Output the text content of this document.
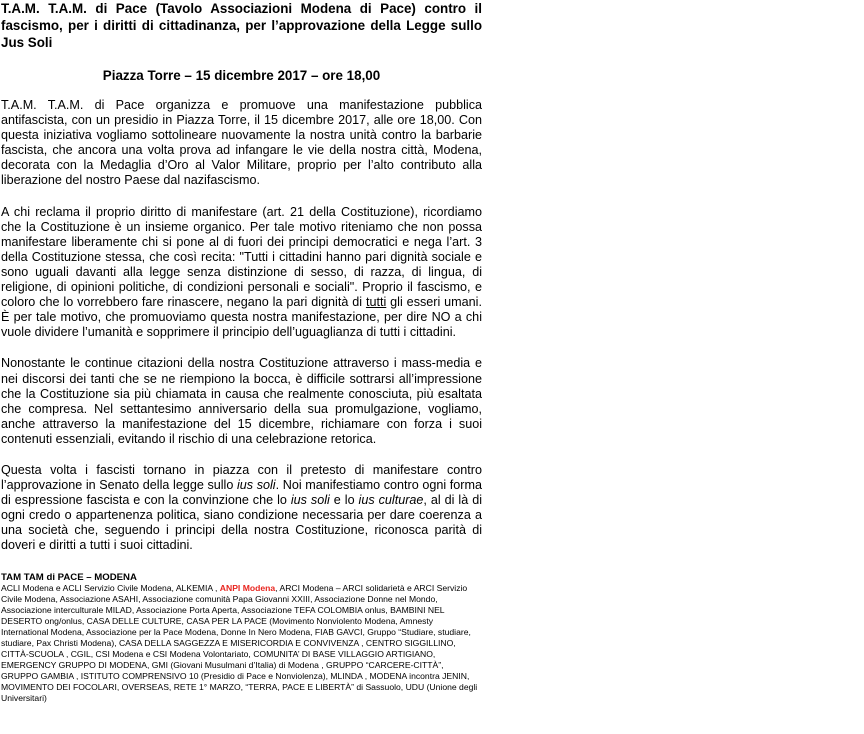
T.A.M. T.A.M. di Pace (Tavolo Associazioni Modena di Pace) contro il fascismo, per i diritti di cittadinanza, per l’approvazione della Legge sullo Jus Soli

Piazza Torre – 15 dicembre 2017 – ore 18,00

T.A.M. T.A.M. di Pace organizza e promuove una manifestazione pubblica antifascista, con un presidio in Piazza Torre, il 15 dicembre 2017, alle ore 18,00. Con questa iniziativa vogliamo sottolineare nuovamente la nostra unità contro la barbarie fascista, che ancora una volta prova ad infangare le vie della nostra città, Modena, decorata con la Medaglia d’Oro al Valor Militare, proprio per l’alto contributo alla liberazione del nostro Paese dal nazifascismo.

A chi reclama il proprio diritto di manifestare (art. 21 della Costituzione), ricordiamo che la Costituzione è un insieme organico. Per tale motivo riteniamo che non possa manifestare liberamente chi si pone al di fuori dei principi democratici e nega l’art. 3 della Costituzione stessa, che così recita: "Tutti i cittadini hanno pari dignità sociale e sono uguali davanti alla legge senza distinzione di sesso, di razza, di lingua, di religione, di opinioni politiche, di condizioni personali e sociali". Proprio il fascismo, e coloro che lo vorrebbero fare rinascere, negano la pari dignità di tutti gli esseri umani. È per tale motivo, che promuoviamo questa nostra manifestazione, per dire NO a chi vuole dividere l’umanità e sopprimere il principio dell’uguaglianza di tutti i cittadini.

Nonostante le continue citazioni della nostra Costituzione attraverso i mass-media e nei discorsi dei tanti che se ne riempiono la bocca, è difficile sottrarsi all’impressione che la Costituzione sia più chiamata in causa che realmente conosciuta, più esaltata che compresa. Nel settantesimo anniversario della sua promulgazione, vogliamo, anche attraverso la manifestazione del 15 dicembre, richiamare con forza i suoi contenuti essenziali, evitando il rischio di una celebrazione retorica.

Questa volta i fascisti tornano in piazza con il pretesto di manifestare contro l’approvazione in Senato della legge sullo ius soli. Noi manifestiamo contro ogni forma di espressione fascista e con la convinzione che lo ius soli e lo ius culturae, al di là di ogni credo o appartenenza politica, siano condizione necessaria per dare coerenza a una società che, seguendo i principi della nostra Costituzione, riconosca parità di doveri e diritti a tutti i suoi cittadini.

TAM TAM di PACE – MODENA

ACLI Modena e ACLI Servizio Civile Modena, ALKEMIA , ANPI Modena, ARCI Modena – ARCI solidarietà e ARCI Servizio Civile Modena, Associazione ASAHI, Associazione comunità Papa Giovanni XXIII, Associazione Donne nel Mondo, Associazione interculturale MILAD, Associazione Porta Aperta, Associazione TEFA COLOMBIA onlus, BAMBINI NEL DESERTO ong/onlus, CASA DELLE CULTURE, CASA PER LA PACE (Movimento Nonviolento Modena, Amnesty International Modena, Associazione per la Pace Modena, Donne In Nero Modena, FIAB GAVCI, Gruppo “Studiare, studiare, studiare, Pax Christi Modena), CASA DELLA SAGGEZZA E MISERICORDIA E CONVIVENZA , CENTRO SIGGILLINO, CITTÀ-SCUOLA , CGIL, CSI Modena e CSI Modena Volontariato, COMUNITA’ DI BASE VILLAGGIO ARTIGIANO, EMERGENCY GRUPPO DI MODENA, GMI (Giovani Musulmani d’Italia) di Modena , GRUPPO “CARCERE-CITTÀ”, GRUPPO GAMBIA , ISTITUTO COMPRENSIVO 10 (Presidio di Pace e Nonviolenza), MLINDA , MODENA incontra JENIN, MOVIMENTO DEI FOCOLARI, OVERSEAS, RETE 1° MARZO, “TERRA, PACE E LIBERTÀ” di Sassuolo, UDU (Unione degli Universitari)
